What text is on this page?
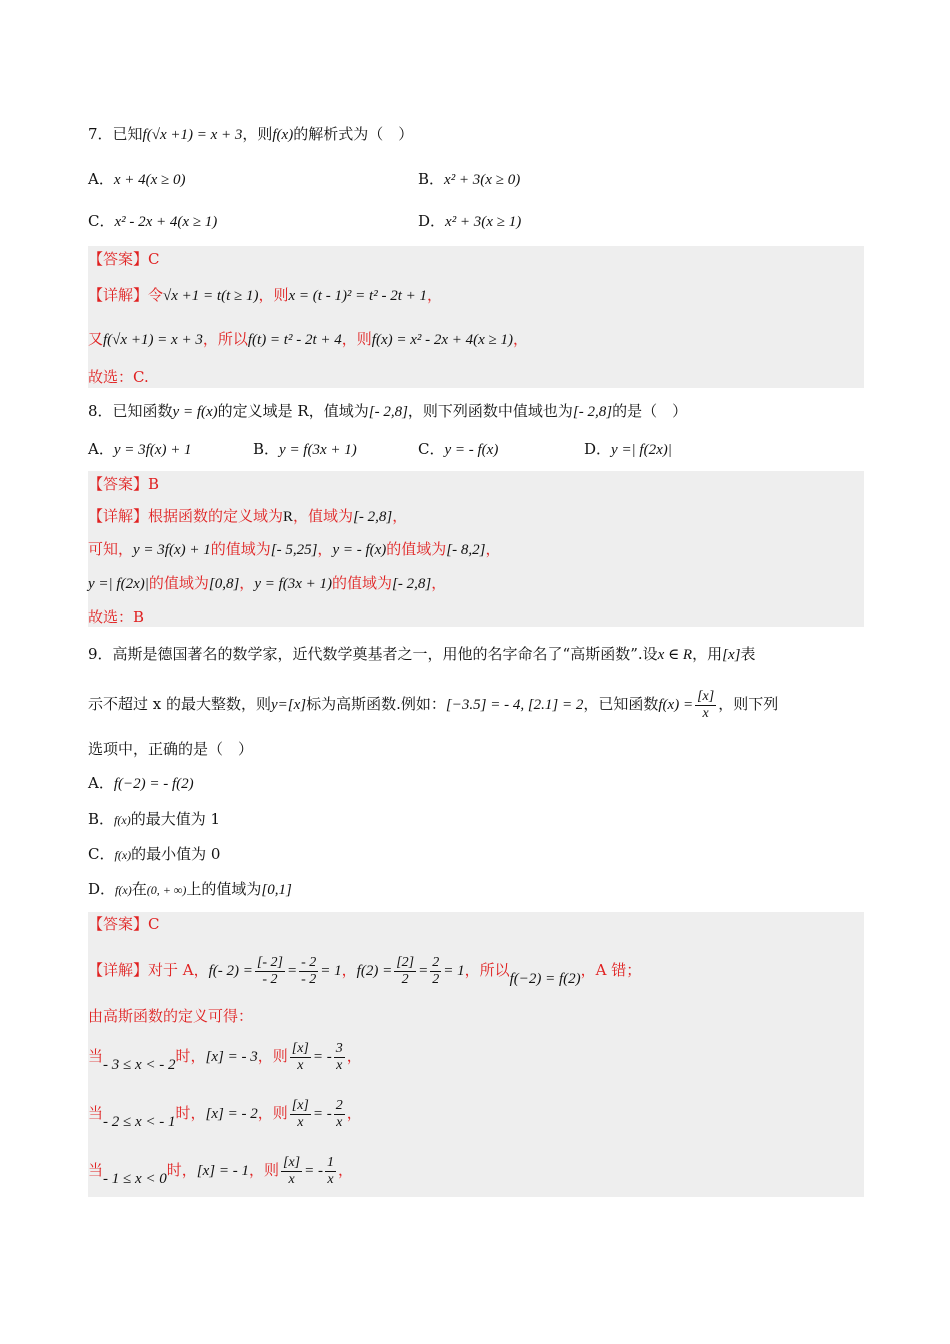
7．已知f(√x +1) = x + 3，则f(x)的解析式为（　）
A．x + 4(x ≥ 0)	B．x² + 3(x ≥ 0)
C．x² - 2x + 4(x ≥ 1)	D．x² + 3(x ≥ 1)
【答案】C
【详解】令√x +1 = t(t ≥ 1)，则x = (t - 1)² = t² - 2t + 1，
又f(√x +1) = x + 3，所以f(t) = t² - 2t + 4，则f(x) = x² - 2x + 4(x ≥ 1)，
故选：C.
8．已知函数y = f(x)的定义域是 R，值域为[- 2,8]，则下列函数中值域也为[- 2,8]的是（　）
A．y = 3f(x) + 1	B．y = f(3x + 1)	C．y = - f(x)	D．y =| f(2x)|
【答案】B
【详解】根据函数的定义域为R，值域为[- 2,8]，
可知，y = 3f(x) + 1的值域为[- 5,25]，y = - f(x)的值域为[- 8,2]，
y =| f(2x)|的值域为[0,8]，y = f(3x + 1)的值域为[- 2,8]，
故选：B
9．高斯是德国著名的数学家，近代数学奠基者之一，用他的名字命名了“高斯函数”.设x ∈ R，用[x]表
示不超过 x 的最大整数，则y=[x]标为高斯函数.例如：[−3.5] = - 4, [2.1] = 2，已知函数$f(x) = \frac{[x]}{x}$ ，则下列
选项中，正确的是（　）
A．f(−2) = - f(2)
B．f(x)的最大值为 1
C．f(x)的最小值为 0
D．f(x)在(0, + ∞)上的值域为[0,1]
【答案】C
【详解】对于 A，f(- $2) = \frac{[- 2]}{- 2} = \frac{- 2}{- 2} = 1$，$f(2) = \frac{[2]}{2} = \frac{2}{2} = 1$，所以f(−2) = f(2)，A 错；
由高斯函数的定义可得：
当- 3 ≤ x < - 2时，[x] = - 3，则 $\frac{[x]}{x}$ = - $\frac{3}{x}$ ，
当- 2 ≤ x < - 1时，[x] = - 2，则 $\frac{[x]}{x}$ = - $\frac{2}{x}$ ，
当- 1 ≤ x < 0时，[x] = - 1，则 $\frac{[x]}{x}$ = - $\frac{1}{x}$ ，
